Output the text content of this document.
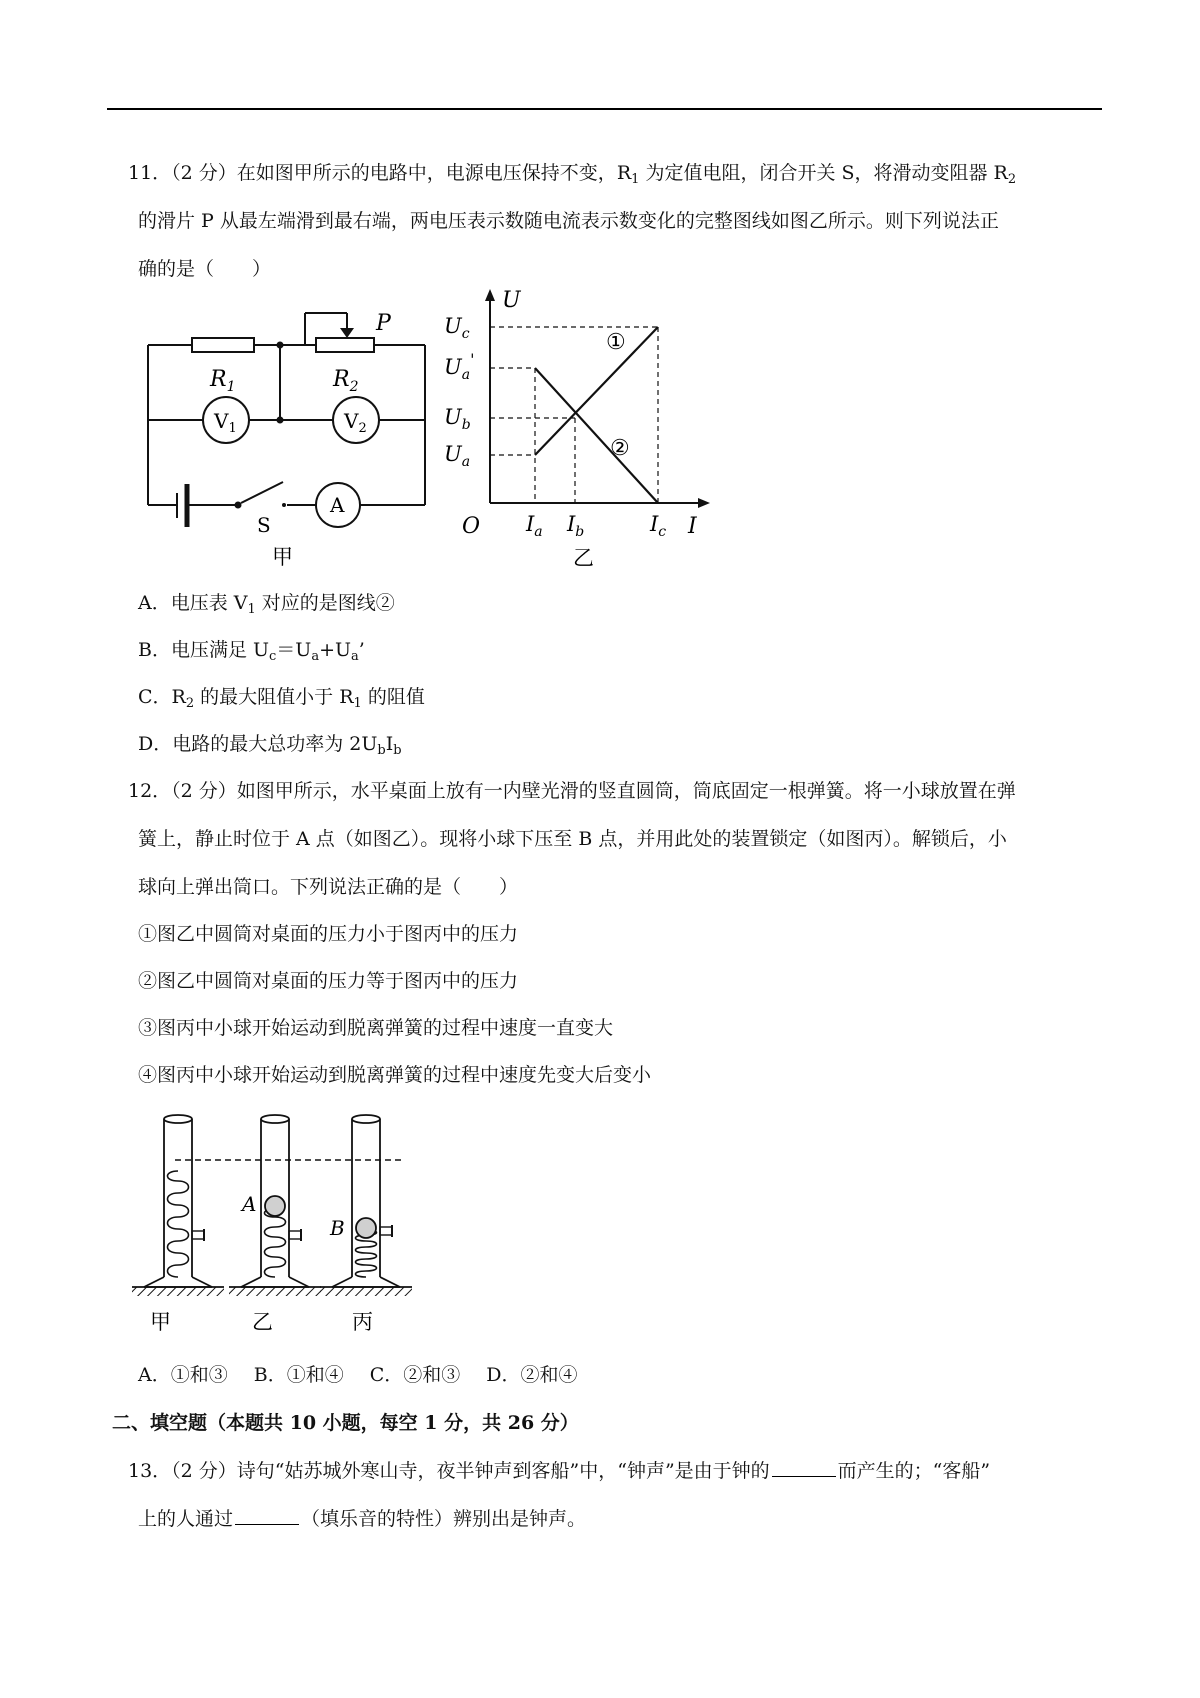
11．（2 分）在如图甲所示的电路中，电源电压保持不变，$R_1$ 为定值电阻，闭合开关 S，将滑动变阻器 $R_2$
的滑片 P 从最左端滑到最右端，两电压表示数随电流表示数变化的完整图线如图乙所示。则下列说法正
确的是（　　）
$R_1$	$R_2$
P
$V_1$	$V_2$
A
S
甲
U
I
O
$U_c$
$U_a'$
$U_b$
$U_a$
$I_a$ $I_b$	$I_c$
①
②
乙
A．电压表 $V_1$ 对应的是图线②
B．电压满足 $U_c=U_a+U_a$’
C．$R_2$ 的最大阻值小于 $R_1$ 的阻值
D．电路的最大总功率为 $2U_bI_b$
12．（2 分）如图甲所示，水平桌面上放有一内壁光滑的竖直圆筒，筒底固定一根弹簧。将一小球放置在弹
簧上，静止时位于 A 点（如图乙）。现将小球下压至 B 点，并用此处的装置锁定（如图丙）。解锁后，小
球向上弹出筒口。下列说法正确的是（　　）
①图乙中圆筒对桌面的压力小于图丙中的压力
②图乙中圆筒对桌面的压力等于图丙中的压力
③图丙中小球开始运动到脱离弹簧的过程中速度一直变大
④图丙中小球开始运动到脱离弹簧的过程中速度先变大后变小
A
B
甲	乙	丙
A．①和③ B．①和④ C．②和③ D．②和④
二、填空题（本题共 10 小题，每空 1 分，共 26 分）
13．（2 分）诗句“姑苏城外寒山寺，夜半钟声到客船”中，“钟声”是由于钟的	而产生的；“客船”
上的人通过	（填乐音的特性）辨别出是钟声。
